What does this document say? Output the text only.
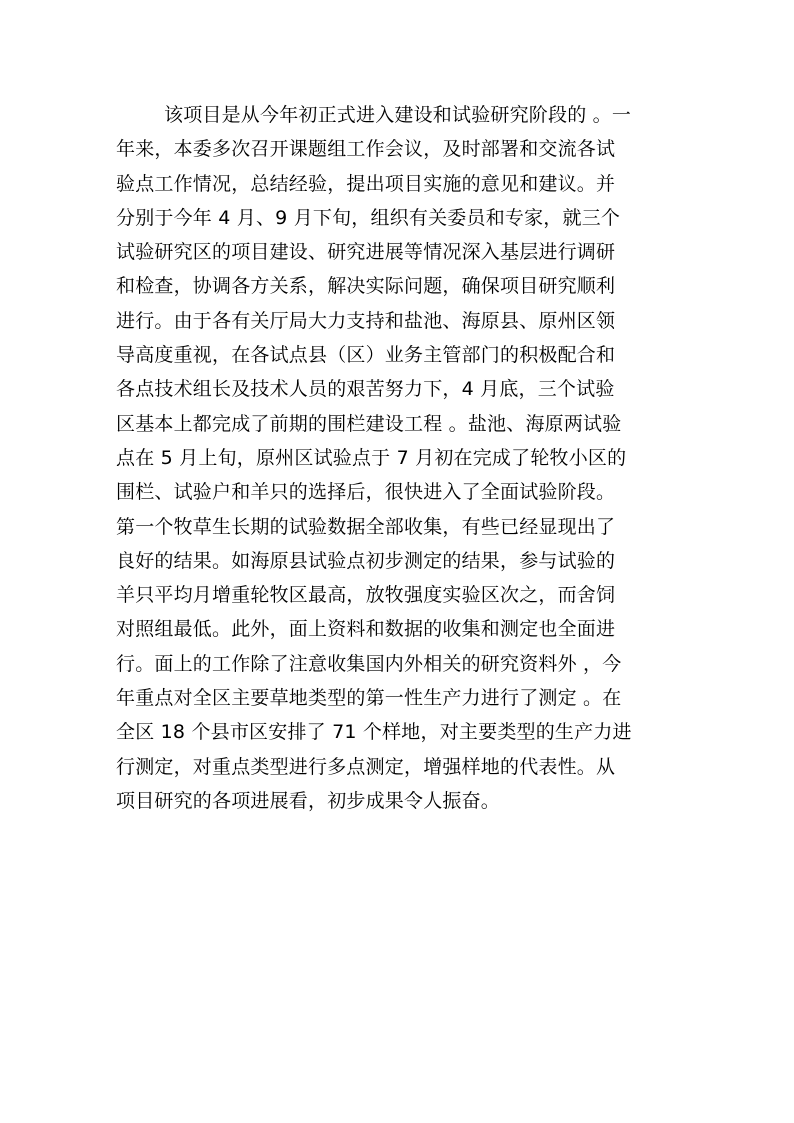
该项目是从今年初正式进入建设和试验研究阶段的 。一
年来，本委多次召开课题组工作会议，及时部署和交流各试
验点工作情况，总结经验，提出项目实施的意见和建议。并
分别于今年 4 月、9 月下旬，组织有关委员和专家，就三个
试验研究区的项目建设、研究进展等情况深入基层进行调研
和检查，协调各方关系，解决实际问题，确保项目研究顺利
进行。由于各有关厅局大力支持和盐池、海原县、原州区领
导高度重视，在各试点县（区）业务主管部门的积极配合和
各点技术组长及技术人员的艰苦努力下，4 月底，三个试验
区基本上都完成了前期的围栏建设工程 。盐池、海原两试验
点在 5 月上旬，原州区试验点于 7 月初在完成了轮牧小区的
围栏、试验户和羊只的选择后，很快进入了全面试验阶段。
第一个牧草生长期的试验数据全部收集，有些已经显现出了
良好的结果。如海原县试验点初步测定的结果，参与试验的
羊只平均月增重轮牧区最高，放牧强度实验区次之，而舍饲
对照组最低。此外，面上资料和数据的收集和测定也全面进
行。面上的工作除了注意收集国内外相关的研究资料外 ，今
年重点对全区主要草地类型的第一性生产力进行了测定 。在
全区 18 个县市区安排了 71 个样地，对主要类型的生产力进
行测定，对重点类型进行多点测定，增强样地的代表性。从
项目研究的各项进展看，初步成果令人振奋。
